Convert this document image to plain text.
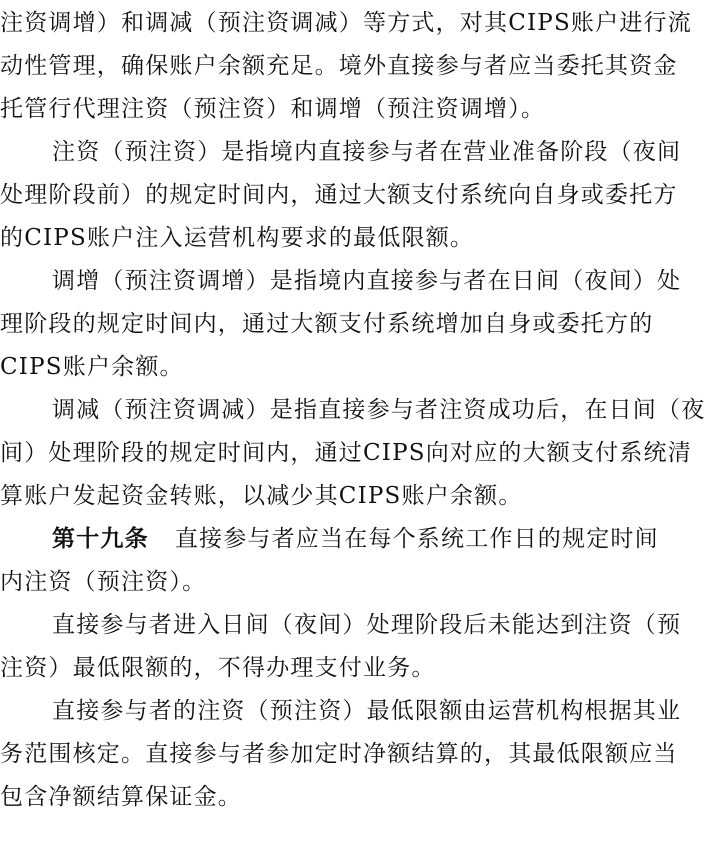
注资调增）和调减（预注资调减）等方式，对其CIPS账户进行流
动性管理，确保账户余额充足。境外直接参与者应当委托其资金
托管行代理注资（预注资）和调增（预注资调增）。
注资（预注资）是指境内直接参与者在营业准备阶段（夜间
处理阶段前）的规定时间内，通过大额支付系统向自身或委托方
的CIPS账户注入运营机构要求的最低限额。
调增（预注资调增）是指境内直接参与者在日间（夜间）处
理阶段的规定时间内，通过大额支付系统增加自身或委托方的
CIPS账户余额。
调减（预注资调减）是指直接参与者注资成功后，在日间（夜
间）处理阶段的规定时间内，通过CIPS向对应的大额支付系统清
算账户发起资金转账，以减少其CIPS账户余额。
第十九条 直接参与者应当在每个系统工作日的规定时间
内注资（预注资）。
直接参与者进入日间（夜间）处理阶段后未能达到注资（预
注资）最低限额的，不得办理支付业务。
直接参与者的注资（预注资）最低限额由运营机构根据其业
务范围核定。直接参与者参加定时净额结算的，其最低限额应当
包含净额结算保证金。
